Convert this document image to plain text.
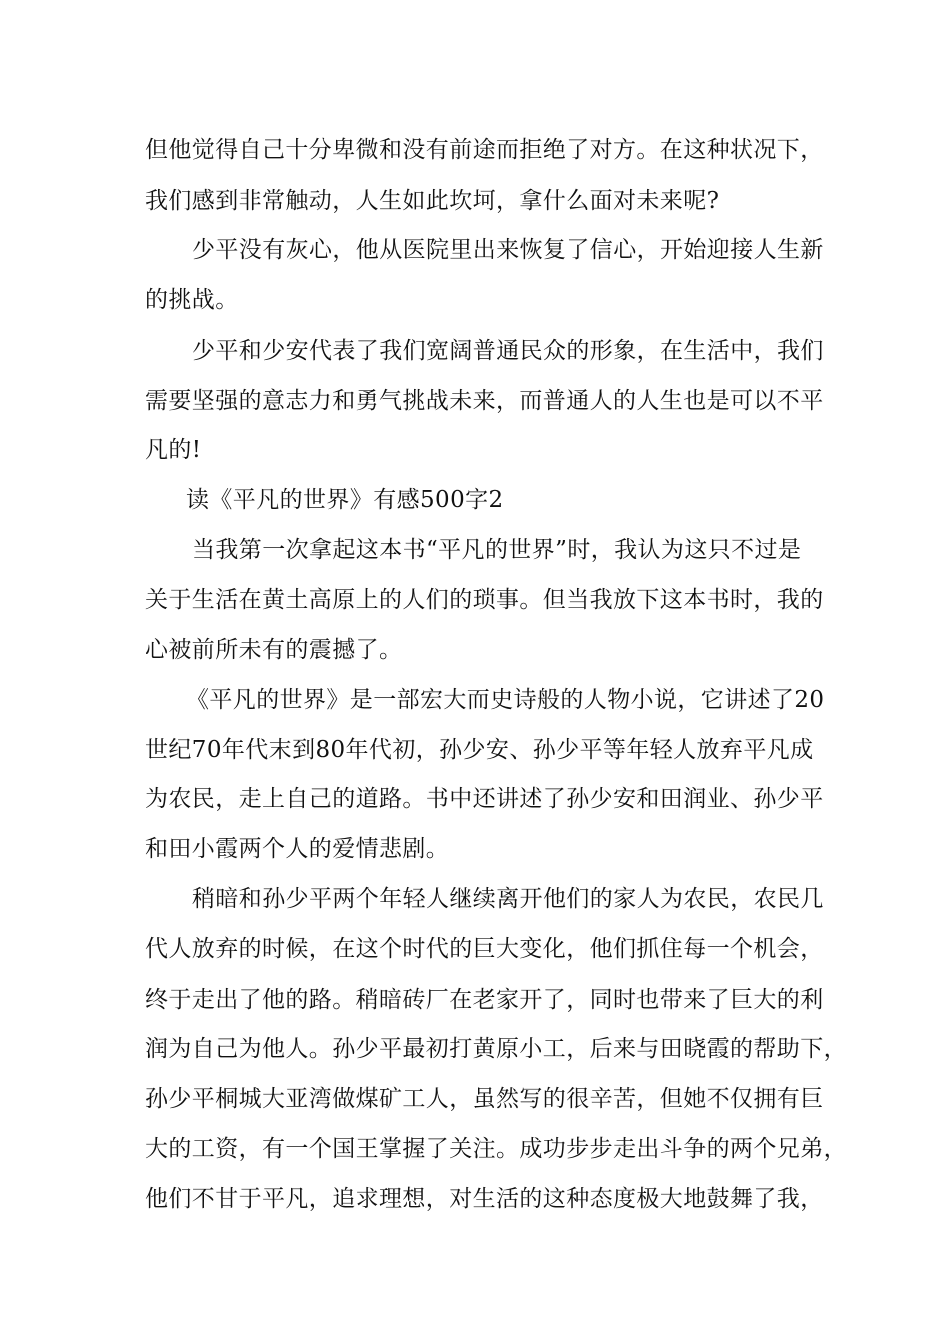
但他觉得自己十分卑微和没有前途而拒绝了对方。在这种状况下，
我们感到非常触动，人生如此坎坷，拿什么面对未来呢?
少平没有灰心，他从医院里出来恢复了信心，开始迎接人生新
的挑战。
少平和少安代表了我们宽阔普通民众的形象，在生活中，我们
需要坚强的意志力和勇气挑战未来，而普通人的人生也是可以不平
凡的!
读《平凡的世界》有感500字2
当我第一次拿起这本书“平凡的世界”时，我认为这只不过是
关于生活在黄土高原上的人们的琐事。但当我放下这本书时，我的
心被前所未有的震撼了。
《平凡的世界》是一部宏大而史诗般的人物小说，它讲述了20
世纪70年代末到80年代初，孙少安、孙少平等年轻人放弃平凡成
为农民，走上自己的道路。书中还讲述了孙少安和田润业、孙少平
和田小霞两个人的爱情悲剧。
稍暗和孙少平两个年轻人继续离开他们的家人为农民，农民几
代人放弃的时候，在这个时代的巨大变化，他们抓住每一个机会，
终于走出了他的路。稍暗砖厂在老家开了，同时也带来了巨大的利
润为自己为他人。孙少平最初打黄原小工，后来与田晓霞的帮助下，
孙少平桐城大亚湾做煤矿工人，虽然写的很辛苦，但她不仅拥有巨
大的工资，有一个国王掌握了关注。成功步步走出斗争的两个兄弟，
他们不甘于平凡，追求理想，对生活的这种态度极大地鼓舞了我，
